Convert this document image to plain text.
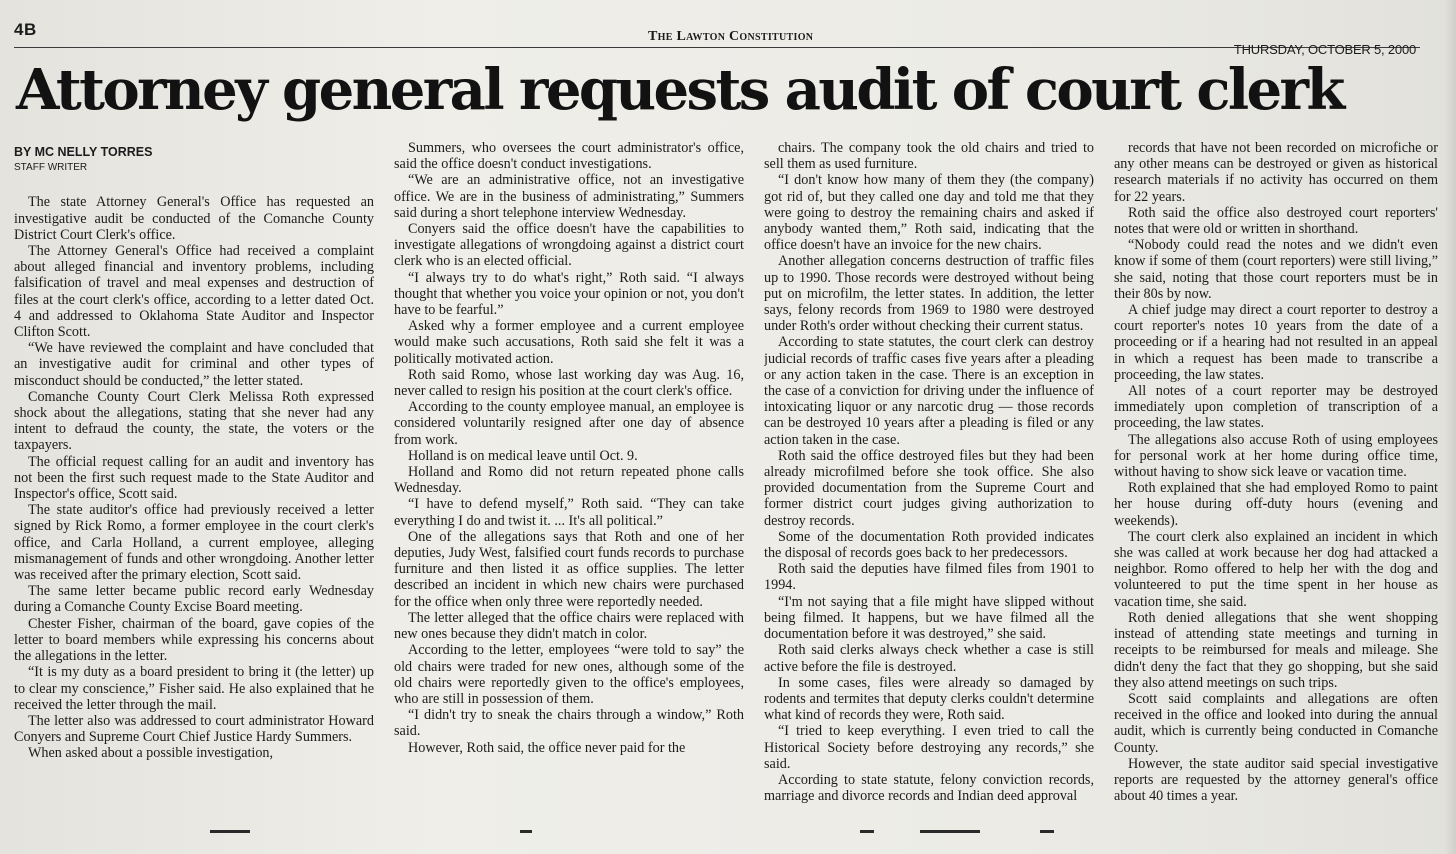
4B	The Lawton Constitution
THURSDAY, OCTOBER 5, 2000
Attorney general requests audit of court clerk
BY MC NELLY TORRES
STAFF WRITER

The state Attorney General's Office has requested an investigative audit be conducted of the Comanche County District Court Clerk's office.

The Attorney General's Office had received a complaint about alleged financial and inventory problems, including falsification of travel and meal expenses and destruction of files at the court clerk's office, according to a letter dated Oct. 4 and addressed to Oklahoma State Auditor and Inspector Clifton Scott.

“We have reviewed the complaint and have concluded that an investigative audit for criminal and other types of misconduct should be conducted,” the letter stated.

Comanche County Court Clerk Melissa Roth expressed shock about the allegations, stating that she never had any intent to defraud the county, the state, the voters or the taxpayers.

The official request calling for an audit and inventory has not been the first such request made to the State Auditor and Inspector's office, Scott said.

The state auditor's office had previously received a letter signed by Rick Romo, a former employee in the court clerk's office, and Carla Holland, a current employee, alleging mismanagement of funds and other wrongdoing. Another letter was received after the primary election, Scott said.

The same letter became public record early Wednesday during a Comanche County Excise Board meeting.

Chester Fisher, chairman of the board, gave copies of the letter to board members while expressing his concerns about the allegations in the letter.

“It is my duty as a board president to bring it (the letter) up to clear my conscience,” Fisher said. He also explained that he received the letter through the mail.

The letter also was addressed to court administrator Howard Conyers and Supreme Court Chief Justice Hardy Summers.

When asked about a possible investigation,

Summers, who oversees the court administrator's office, said the office doesn't conduct investigations.

“We are an administrative office, not an investigative office. We are in the business of administrating,” Summers said during a short telephone interview Wednesday.

Conyers said the office doesn't have the capabilities to investigate allegations of wrongdoing against a district court clerk who is an elected official.

“I always try to do what's right,” Roth said. “I always thought that whether you voice your opinion or not, you don't have to be fearful.”

Asked why a former employee and a current employee would make such accusations, Roth said she felt it was a politically motivated action.

Roth said Romo, whose last working day was Aug. 16, never called to resign his position at the court clerk's office.

According to the county employee manual, an employee is considered voluntarily resigned after one day of absence from work.

Holland is on medical leave until Oct. 9.

Holland and Romo did not return repeated phone calls Wednesday.

“I have to defend myself,” Roth said. “They can take everything I do and twist it. ... It's all political.”

One of the allegations says that Roth and one of her deputies, Judy West, falsified court funds records to purchase furniture and then listed it as office supplies. The letter described an incident in which new chairs were purchased for the office when only three were reportedly needed.

The letter alleged that the office chairs were replaced with new ones because they didn't match in color.

According to the letter, employees “were told to say” the old chairs were traded for new ones, although some of the old chairs were reportedly given to the office's employees, who are still in possession of them.

“I didn't try to sneak the chairs through a window,” Roth said.

However, Roth said, the office never paid for the

chairs. The company took the old chairs and tried to sell them as used furniture.

“I don't know how many of them they (the company) got rid of, but they called one day and told me that they were going to destroy the remaining chairs and asked if anybody wanted them,” Roth said, indicating that the office doesn't have an invoice for the new chairs.

Another allegation concerns destruction of traffic files up to 1990. Those records were destroyed without being put on microfilm, the letter states. In addition, the letter says, felony records from 1969 to 1980 were destroyed under Roth's order without checking their current status.

According to state statutes, the court clerk can destroy judicial records of traffic cases five years after a pleading or any action taken in the case. There is an exception in the case of a conviction for driving under the influence of intoxicating liquor or any narcotic drug — those records can be destroyed 10 years after a pleading is filed or any action taken in the case.

Roth said the office destroyed files but they had been already microfilmed before she took office. She also provided documentation from the Supreme Court and former district court judges giving authorization to destroy records.

Some of the documentation Roth provided indicates the disposal of records goes back to her predecessors.

Roth said the deputies have filmed files from 1901 to 1994.

“I'm not saying that a file might have slipped without being filmed. It happens, but we have filmed all the documentation before it was destroyed,” she said.

Roth said clerks always check whether a case is still active before the file is destroyed.

In some cases, files were already so damaged by rodents and termites that deputy clerks couldn't determine what kind of records they were, Roth said.

“I tried to keep everything. I even tried to call the Historical Society before destroying any records,” she said.

According to state statute, felony conviction records, marriage and divorce records and Indian deed approval

records that have not been recorded on microfiche or any other means can be destroyed or given as historical research materials if no activity has occurred on them for 22 years.

Roth said the office also destroyed court reporters' notes that were old or written in shorthand.

“Nobody could read the notes and we didn't even know if some of them (court reporters) were still living,” she said, noting that those court reporters must be in their 80s by now.

A chief judge may direct a court reporter to destroy a court reporter's notes 10 years from the date of a proceeding or if a hearing had not resulted in an appeal in which a request has been made to transcribe a proceeding, the law states.

All notes of a court reporter may be destroyed immediately upon completion of transcription of a proceeding, the law states.

The allegations also accuse Roth of using employees for personal work at her home during office time, without having to show sick leave or vacation time.

Roth explained that she had employed Romo to paint her house during off-duty hours (evening and weekends).

The court clerk also explained an incident in which she was called at work because her dog had attacked a neighbor. Romo offered to help her with the dog and volunteered to put the time spent in her house as vacation time, she said.

Roth denied allegations that she went shopping instead of attending state meetings and turning in receipts to be reimbursed for meals and mileage. She didn't deny the fact that they go shopping, but she said they also attend meetings on such trips.

Scott said complaints and allegations are often received in the office and looked into during the annual audit, which is currently being conducted in Comanche County.

However, the state auditor said special investigative reports are requested by the attorney general's office about 40 times a year.
